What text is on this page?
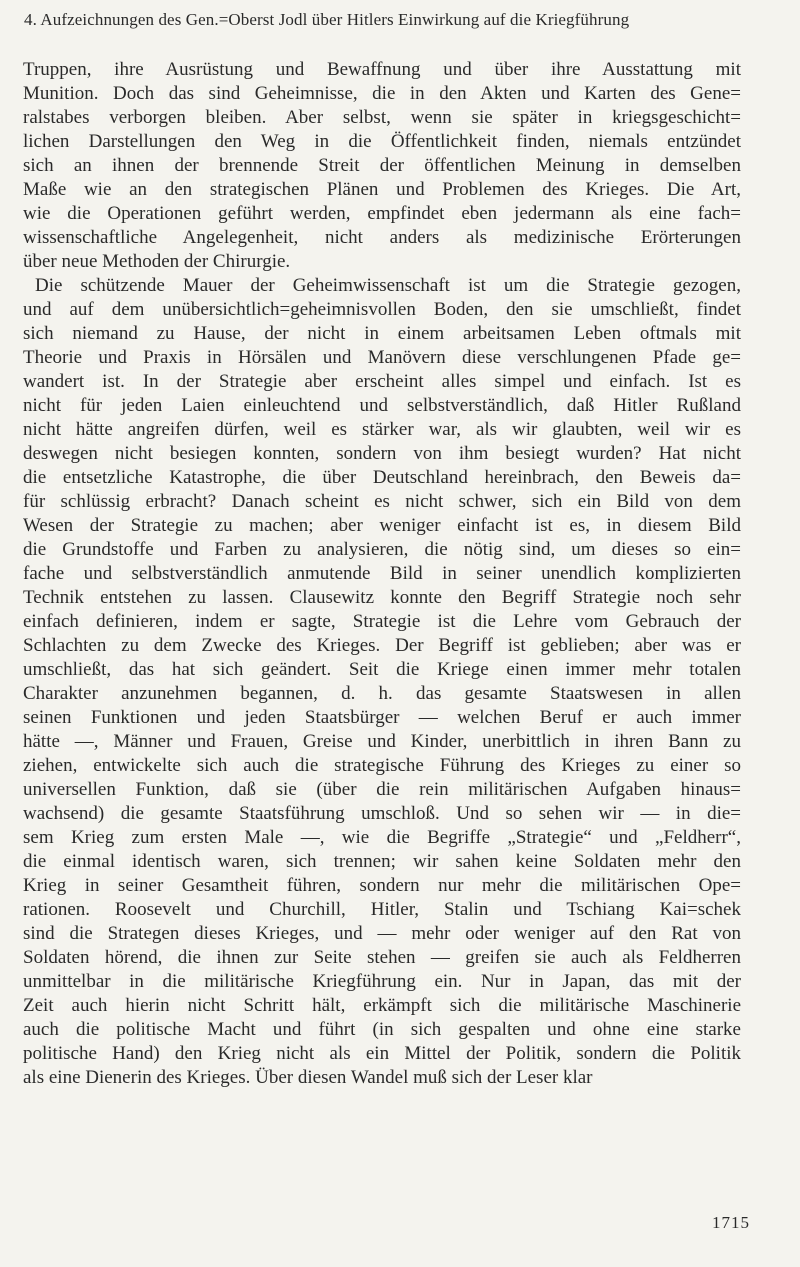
4. Aufzeichnungen des Gen.=Oberst Jodl über Hitlers Einwirkung auf die Kriegführung
Truppen, ihre Ausrüstung und Bewaffnung und über ihre Ausstattung mit
Munition. Doch das sind Geheimnisse, die in den Akten und Karten des Gene=
ralstabes verborgen bleiben. Aber selbst, wenn sie später in kriegsgeschicht=
lichen Darstellungen den Weg in die Öffentlichkeit finden, niemals entzündet
sich an ihnen der brennende Streit der öffentlichen Meinung in demselben
Maße wie an den strategischen Plänen und Problemen des Krieges. Die Art,
wie die Operationen geführt werden, empfindet eben jedermann als eine fach=
wissenschaftliche Angelegenheit, nicht anders als medizinische Erörterungen
über neue Methoden der Chirurgie.
Die schützende Mauer der Geheimwissenschaft ist um die Strategie gezogen,
und auf dem unübersichtlich=geheimnisvollen Boden, den sie umschließt, findet
sich niemand zu Hause, der nicht in einem arbeitsamen Leben oftmals mit
Theorie und Praxis in Hörsälen und Manövern diese verschlungenen Pfade ge=
wandert ist. In der Strategie aber erscheint alles simpel und einfach. Ist es
nicht für jeden Laien einleuchtend und selbstverständlich, daß Hitler Rußland
nicht hätte angreifen dürfen, weil es stärker war, als wir glaubten, weil wir es
deswegen nicht besiegen konnten, sondern von ihm besiegt wurden? Hat nicht
die entsetzliche Katastrophe, die über Deutschland hereinbrach, den Beweis da=
für schlüssig erbracht? Danach scheint es nicht schwer, sich ein Bild von dem
Wesen der Strategie zu machen; aber weniger einfacht ist es, in diesem Bild
die Grundstoffe und Farben zu analysieren, die nötig sind, um dieses so ein=
fache und selbstverständlich anmutende Bild in seiner unendlich komplizierten
Technik entstehen zu lassen. Clausewitz konnte den Begriff Strategie noch sehr
einfach definieren, indem er sagte, Strategie ist die Lehre vom Gebrauch der
Schlachten zu dem Zwecke des Krieges. Der Begriff ist geblieben; aber was er
umschließt, das hat sich geändert. Seit die Kriege einen immer mehr totalen
Charakter anzunehmen begannen, d. h. das gesamte Staatswesen in allen
seinen Funktionen und jeden Staatsbürger — welchen Beruf er auch immer
hätte —, Männer und Frauen, Greise und Kinder, unerbittlich in ihren Bann zu
ziehen, entwickelte sich auch die strategische Führung des Krieges zu einer so
universellen Funktion, daß sie (über die rein militärischen Aufgaben hinaus=
wachsend) die gesamte Staatsführung umschloß. Und so sehen wir — in die=
sem Krieg zum ersten Male —, wie die Begriffe „Strategie“ und „Feldherr“,
die einmal identisch waren, sich trennen; wir sahen keine Soldaten mehr den
Krieg in seiner Gesamtheit führen, sondern nur mehr die militärischen Ope=
rationen. Roosevelt und Churchill, Hitler, Stalin und Tschiang Kai=schek
sind die Strategen dieses Krieges, und — mehr oder weniger auf den Rat von
Soldaten hörend, die ihnen zur Seite stehen — greifen sie auch als Feldherren
unmittelbar in die militärische Kriegführung ein. Nur in Japan, das mit der
Zeit auch hierin nicht Schritt hält, erkämpft sich die militärische Maschinerie
auch die politische Macht und führt (in sich gespalten und ohne eine starke
politische Hand) den Krieg nicht als ein Mittel der Politik, sondern die Politik
als eine Dienerin des Krieges. Über diesen Wandel muß sich der Leser klar
1715
